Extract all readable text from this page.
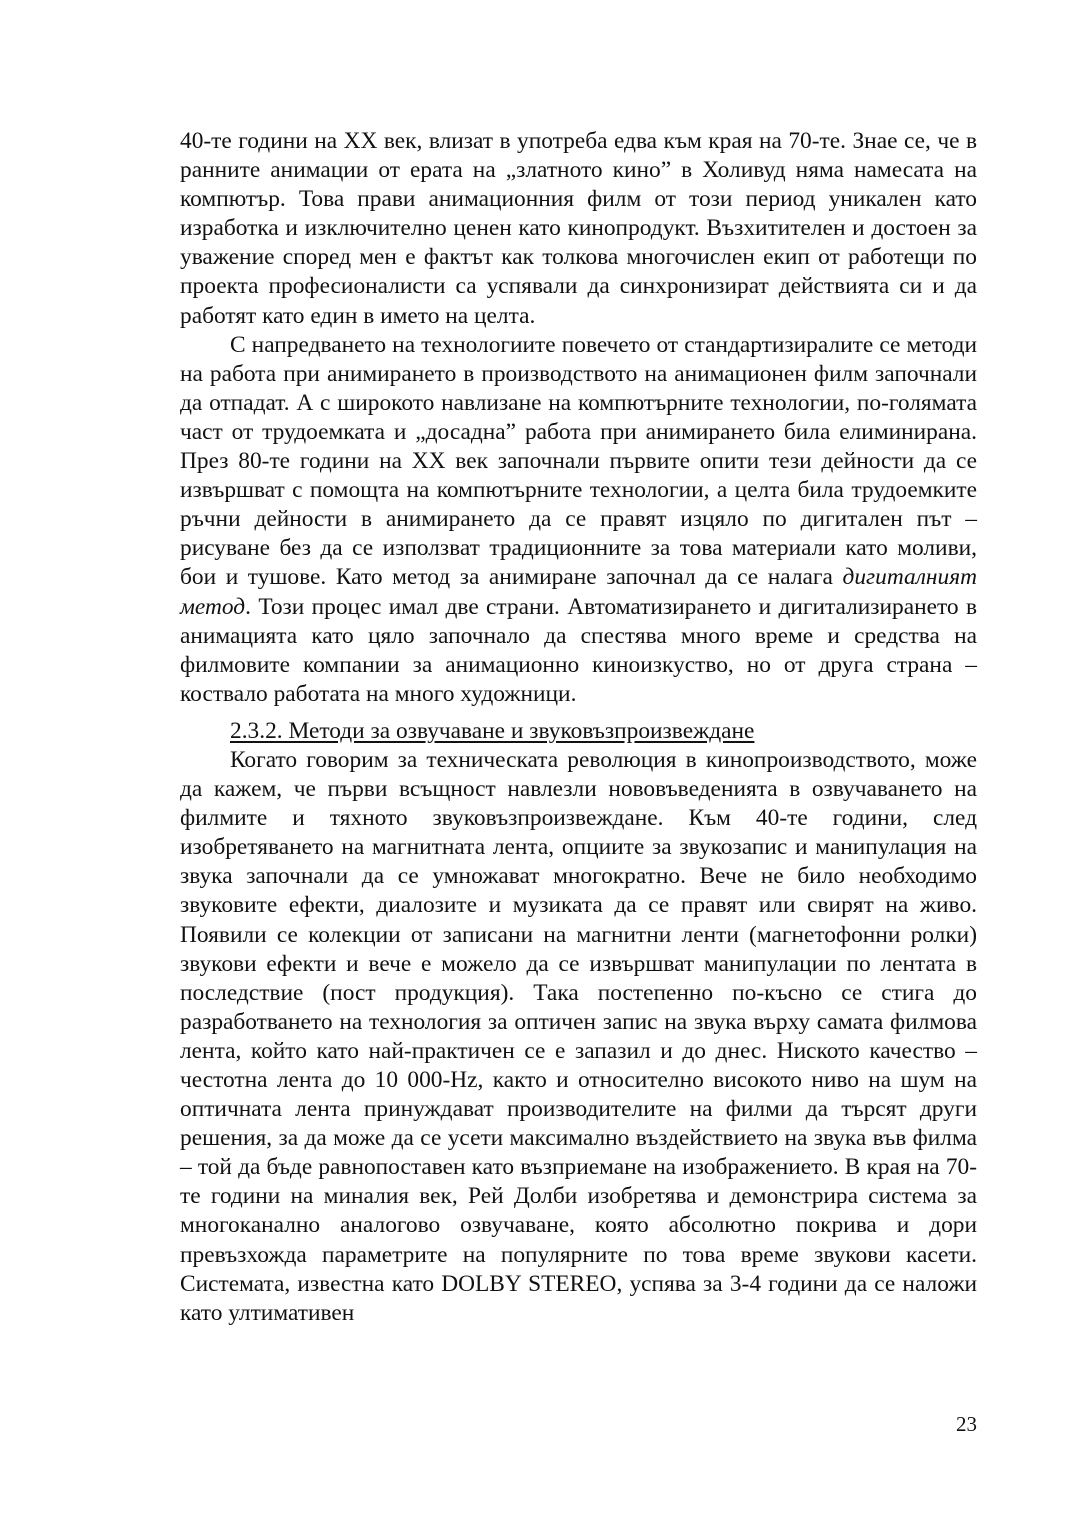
40-те години на XX век, влизат в употреба едва към края на 70-те. Знае се, че в ранните анимации от ерата на „златното кино” в Холивуд няма намесата на компютър. Това прави анимационния филм от този период уникален като изработка и изключително ценен като кинопродукт. Възхитителен и достоен за уважение според мен е фактът как толкова многочислен екип от работещи по проекта професионалисти са успявали да синхронизират действията си и да работят като един в името на целта.

С напредването на технологиите повечето от стандартизиралите се методи на работа при анимирането в производството на анимационен филм започнали да отпадат. А с широкото навлизане на компютърните технологии, по-голямата част от трудоемката и „досадна” работа при анимирането била елиминирана. През 80-те години на XX век започнали първите опити тези дейности да се извършват с помощта на компютърните технологии, а целта била трудоемките ръчни дейности в анимирането да се правят изцяло по дигитален път – рисуване без да се използват традиционните за това материали като моливи, бои и тушове. Като метод за анимиране започнал да се налага дигиталният метод. Този процес имал две страни. Автоматизирането и дигитализирането в анимацията като цяло започнало да спестява много време и средства на филмовите компании за анимационно киноизкуство, но от друга страна – коствало работата на много художници.

2.3.2. Методи за озвучаване и звуковъзпроизвеждане

Когато говорим за техническата революция в кинопроизводството, може да кажем, че първи всъщност навлезли нововъведенията в озвучаването на филмите и тяхното звуковъзпроизвеждане. Към 40-те години, след изобретяването на магнитната лента, опциите за звукозапис и манипулация на звука започнали да се умножават многократно. Вече не било необходимо звуковите ефекти, диалозите и музиката да се правят или свирят на живо. Появили се колекции от записани на магнитни ленти (магнетофонни ролки) звукови ефекти и вече е можело да се извършват манипулации по лентата в последствие (пост продукция). Така постепенно по-късно се стига до разработването на технология за оптичен запис на звука върху самата филмова лента, който като най-практичен се е запазил и до днес. Ниското качество – честотна лента до 10 000-Hz, както и относително високото ниво на шум на оптичната лента принуждават производителите на филми да търсят други решения, за да може да се усети максимално въздействието на звука във филма – той да бъде равнопоставен като възприемане на изображението. В края на 70-те години на миналия век, Рей Долби изобретява и демонстрира система за многоканално аналогово озвучаване, която абсолютно покрива и дори превъзхожда параметрите на популярните по това време звукови касети. Системата, известна като DOLBY STEREO, успява за 3-4 години да се наложи като ултимативен

23
